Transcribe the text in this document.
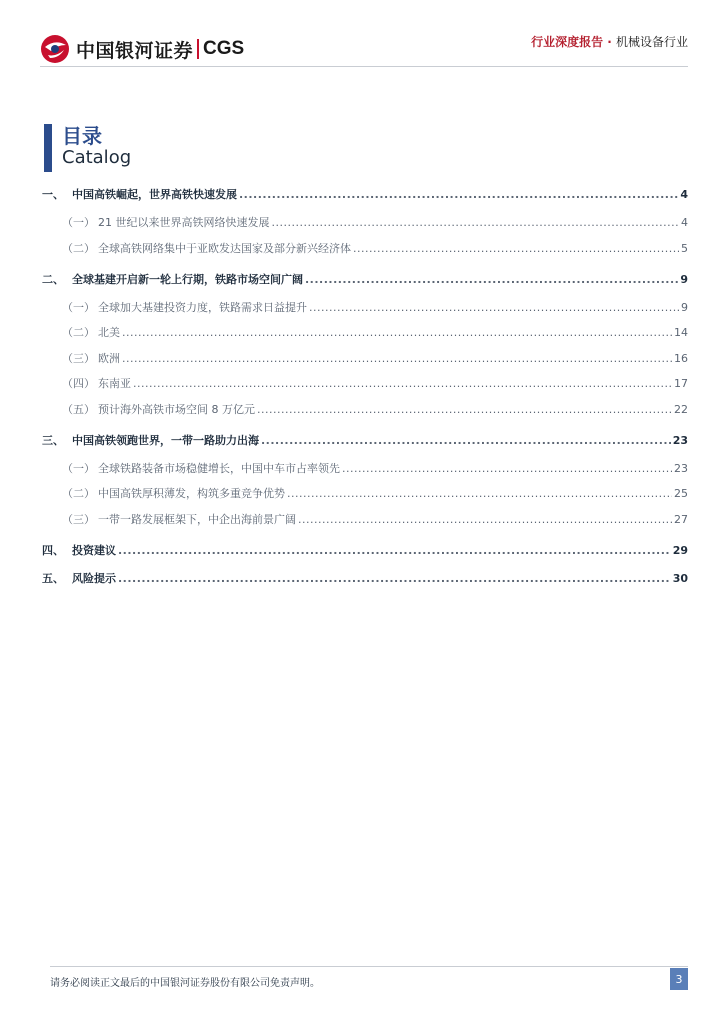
中国银河证券 CGS	行业深度报告 · 机械设备行业
目录
Catalog
一、 中国高铁崛起，世界高铁快速发展 .....	4
（一） 21 世纪以来世界高铁网络快速发展 .....	4
（二） 全球高铁网络集中于亚欧发达国家及部分新兴经济体 .....	5
二、 全球基建开启新一轮上行期，铁路市场空间广阔 .....	9
（一） 全球加大基建投资力度，铁路需求日益提升 .....	9
（二） 北美 .....	14
（三） 欧洲 .....	16
（四） 东南亚 .....	17
（五） 预计海外高铁市场空间 8 万亿元 .....	22
三、 中国高铁领跑世界，一带一路助力出海 .....	23
（一） 全球铁路装备市场稳健增长，中国中车市占率领先 .....	23
（二） 中国高铁厚积薄发，构筑多重竞争优势 .....	25
（三） 一带一路发展框架下，中企出海前景广阔 .....	27
四、 投资建议 .....	29
五、 风险提示 .....	30
请务必阅读正文最后的中国银河证券股份有限公司免责声明。	3
